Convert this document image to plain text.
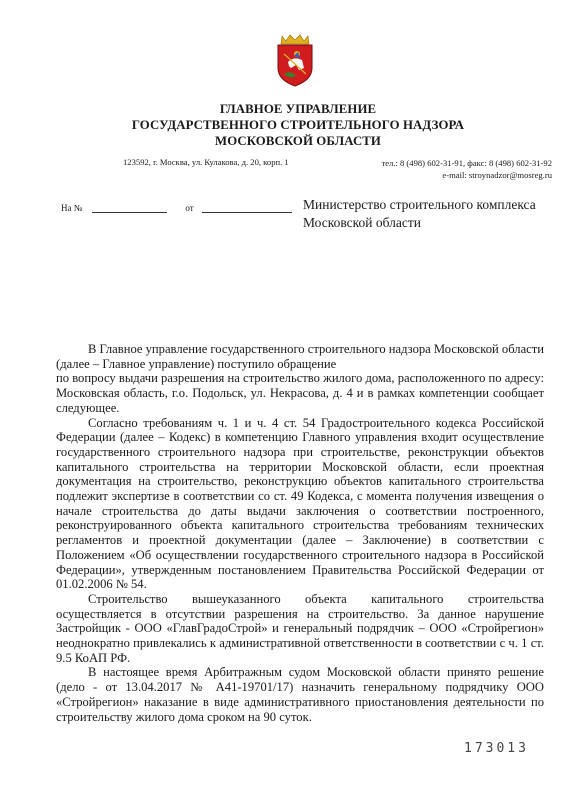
ГЛАВНОЕ УПРАВЛЕНИЕ
ГОСУДАРСТВЕННОГО СТРОИТЕЛЬНОГО НАДЗОРА
МОСКОВСКОЙ ОБЛАСТИ
123592, г. Москва, ул. Кулакова, д. 20, корп. 1	тел.: 8 (498) 602-31-91, факс: 8 (498) 602-31-92
e-mail: stroynadzor@mosreg.ru
На №	от	Министерство строительного комплекса
Московской области

В Главное управление государственного строительного надзора Московской области (далее – Главное управление) поступило обращение

по вопросу выдачи разрешения на строительство жилого дома, расположенного по адресу: Московская область, г.о. Подольск, ул. Некрасова, д. 4 и в рамках компетенции сообщает следующее.

Согласно требованиям ч. 1 и ч. 4 ст. 54 Градостроительного кодекса Российской Федерации (далее – Кодекс) в компетенцию Главного управления входит осуществление государственного строительного надзора при строительстве, реконструкции объектов капитального строительства на территории Московской области, если проектная документация на строительство, реконструкцию объектов капитального строительства подлежит экспертизе в соответствии со ст. 49 Кодекса, с момента получения извещения о начале строительства до даты выдачи заключения о соответствии построенного, реконструированного объекта капитального строительства требованиям технических регламентов и проектной документации (далее – Заключение) в соответствии с Положением «Об осуществлении государственного строительного надзора в Российской Федерации», утвержденным постановлением Правительства Российской Федерации от 01.02.2006 № 54.

Строительство вышеуказанного объекта капитального строительства осуществляется в отсутствии разрешения на строительство. За данное нарушение Застройщик - ООО «ГлавГрадоСтрой» и генеральный подрядчик – ООО «Стройрегион» неоднократно привлекались к административной ответственности в соответствии с ч. 1 ст. 9.5 КоАП РФ.

В настоящее время Арбитражным судом Московской области принято решение (дело - от 13.04.2017 № А41-19701/17) назначить генеральному подрядчику ООО «Стройрегион» наказание в виде административного приостановления деятельности по строительству жилого дома сроком на 90 суток.

173013
